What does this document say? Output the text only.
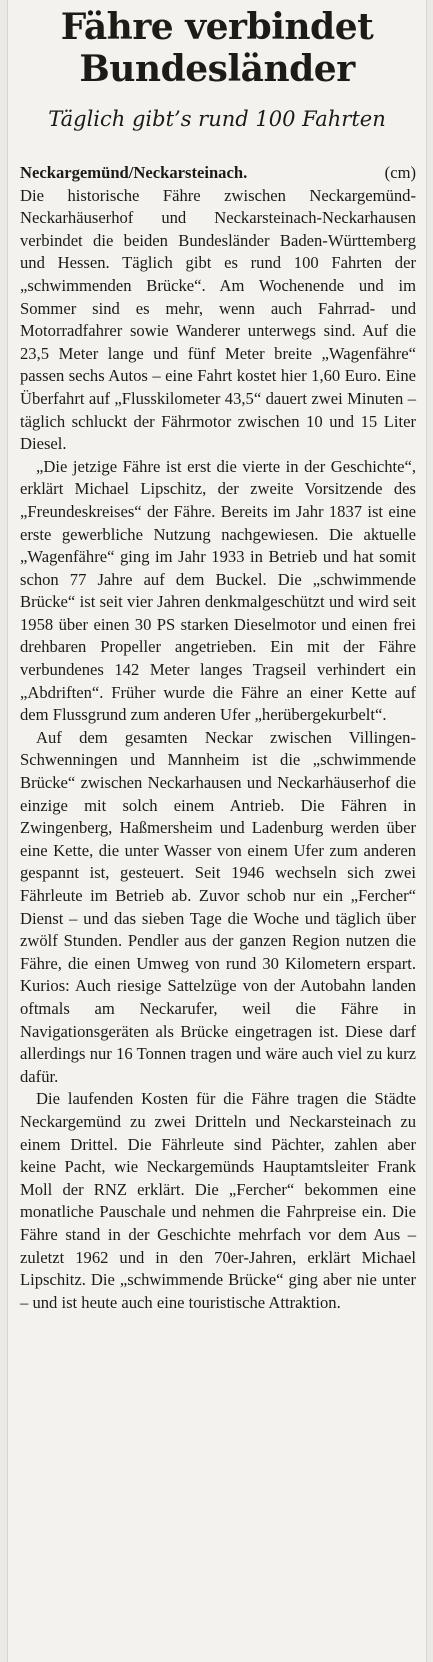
Fähre verbindet
Bundesländer
Täglich gibt’s rund 100 Fahrten
Neckargemünd/Neckarsteinach.	(cm)

Die historische Fähre zwischen Neckargemünd-Neckarhäuserhof und Neckarsteinach-Neckarhausen verbindet die beiden Bundesländer Baden-Württemberg und Hessen. Täglich gibt es rund 100 Fahrten der „schwimmenden Brücke“. Am Wochenende und im Sommer sind es mehr, wenn auch Fahrrad- und Motorradfahrer sowie Wanderer unterwegs sind. Auf die 23,5 Meter lange und fünf Meter breite „Wagenfähre“ passen sechs Autos – eine Fahrt kostet hier 1,60 Euro. Eine Überfahrt auf „Flusskilometer 43,5“ dauert zwei Minuten – täglich schluckt der Fährmotor zwischen 10 und 15 Liter Diesel.

„Die jetzige Fähre ist erst die vierte in der Geschichte“, erklärt Michael Lipschitz, der zweite Vorsitzende des „Freundeskreises“ der Fähre. Bereits im Jahr 1837 ist eine erste gewerbliche Nutzung nachgewiesen. Die aktuelle „Wagenfähre“ ging im Jahr 1933 in Betrieb und hat somit schon 77 Jahre auf dem Buckel. Die „schwimmende Brücke“ ist seit vier Jahren denkmalgeschützt und wird seit 1958 über einen 30 PS starken Dieselmotor und einen frei drehbaren Propeller angetrieben. Ein mit der Fähre verbundenes 142 Meter langes Tragseil verhindert ein „Abdriften“. Früher wurde die Fähre an einer Kette auf dem Flussgrund zum anderen Ufer „herübergekurbelt“.

Auf dem gesamten Neckar zwischen Villingen-Schwenningen und Mannheim ist die „schwimmende Brücke“ zwischen Neckarhausen und Neckarhäuserhof die einzige mit solch einem Antrieb. Die Fähren in Zwingenberg, Haßmersheim und Ladenburg werden über eine Kette, die unter Wasser von einem Ufer zum anderen gespannt ist, gesteuert. Seit 1946 wechseln sich zwei Fährleute im Betrieb ab. Zuvor schob nur ein „Fercher“ Dienst – und das sieben Tage die Woche und täglich über zwölf Stunden. Pendler aus der ganzen Region nutzen die Fähre, die einen Umweg von rund 30 Kilometern erspart. Kurios: Auch riesige Sattelzüge von der Autobahn landen oftmals am Neckarufer, weil die Fähre in Navigationsgeräten als Brücke eingetragen ist. Diese darf allerdings nur 16 Tonnen tragen und wäre auch viel zu kurz dafür.

Die laufenden Kosten für die Fähre tragen die Städte Neckargemünd zu zwei Dritteln und Neckarsteinach zu einem Drittel. Die Fährleute sind Pächter, zahlen aber keine Pacht, wie Neckargemünds Hauptamtsleiter Frank Moll der RNZ erklärt. Die „Fercher“ bekommen eine monatliche Pauschale und nehmen die Fahrpreise ein. Die Fähre stand in der Geschichte mehrfach vor dem Aus – zuletzt 1962 und in den 70er-Jahren, erklärt Michael Lipschitz. Die „schwimmende Brücke“ ging aber nie unter – und ist heute auch eine touristische Attraktion.
